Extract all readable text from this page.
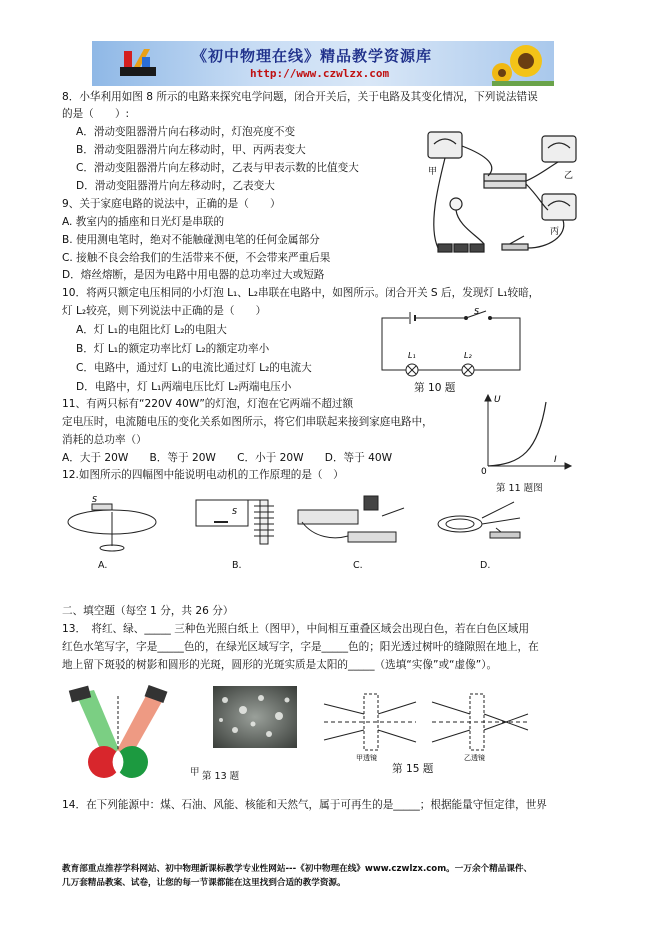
《初中物理在线》精品教学资源库
http://www.czwlzx.com
8．小华利用如图 8 所示的电路来探究电学问题，闭合开关后，关于电路及其变化情况，下列说法错误
的是（　　）:
A．滑动变阻器滑片向右移动时，灯泡亮度不变
B．滑动变阻器滑片向左移动时，甲、丙两表变大
C．滑动变阻器滑片向左移动时，乙表与甲表示数的比值变大
D．滑动变阻器滑片向左移动时，乙表变大
甲	乙
丙
9、关于家庭电路的说法中，正确的是（　　）
A. 教室内的插座和日光灯是串联的
B. 使用测电笔时，绝对不能触碰测电笔的任何金属部分
C. 接触不良会给我们的生活带来不便，不会带来严重后果
D．熔丝熔断，是因为电路中用电器的总功率过大或短路
10．将两只额定电压相同的小灯泡 L₁、L₂串联在电路中，如图所示。闭合开关 S 后，发现灯 L₁较暗，
灯 L₂较亮，则下列说法中正确的是（　　）
A．灯 L₁的电阻比灯 L₂的电阻大
B．灯 L₁的额定功率比灯 L₂的额定功率小
C．电路中，通过灯 L₁的电流比通过灯 L₂的电流大
D．电路中，灯 L₁两端电压比灯 L₂两端电压小
S
L₁	L₂
第 10 题
11、有两只标有“220V 40W”的灯泡，灯泡在它两端不超过额
定电压时，电流随电压的变化关系如图所示，将它们串联起来接到家庭电路中，
消耗的总功率（）
A．大于 20W　　B．等于 20W　　C．小于 20W　　D．等于 40W
U
I
0
第 11 题图
12.如图所示的四幅图中能说明电动机的工作原理的是（　）
S
S
A.	B.	C.	D.
二、填空题（每空 1 分，共 26 分）
13．　将红、绿、_____ 三种色光照白纸上（图甲），中间相互重叠区域会出现白色，若在白色区域用
红色水笔写字，字是_____色的，在绿光区域写字，字是_____色的；阳光透过树叶的缝隙照在地上，在
地上留下斑驳的树影和圆形的光斑，圆形的光斑实质是太阳的_____（选填“实像”或“虚像”）。
甲 第 13 题
甲透镜	乙透镜
第 15 题
14．在下列能源中：煤、石油、风能、核能和天然气，属于可再生的是_____；根据能量守恒定律，世界
教育部重点推荐学科网站、初中物理新课标教学专业性网站---《初中物理在线》www.czwlzx.com。一万余个精品课件、
几万套精品教案、试卷，让您的每一节课都能在这里找到合适的教学资源。
